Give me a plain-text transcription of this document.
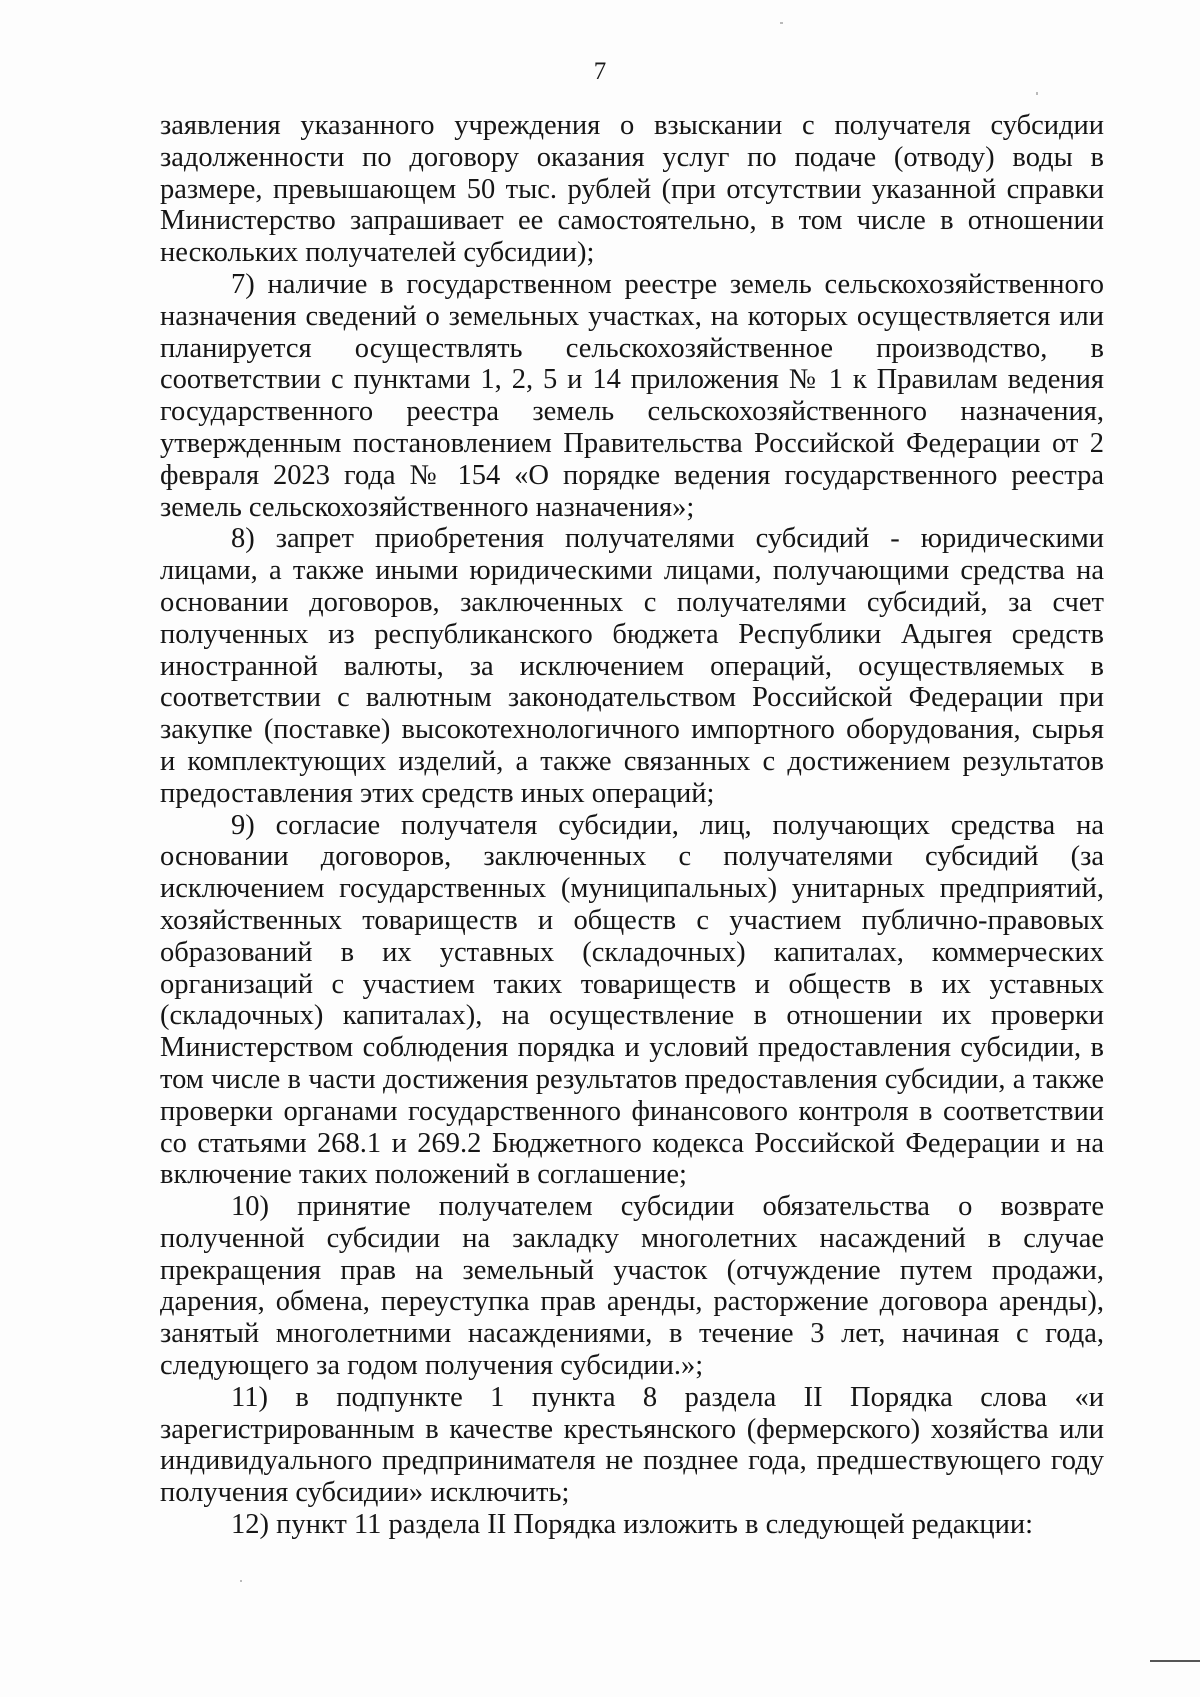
7

заявления указанного учреждения о взыскании с получателя субсидии задолженности по договору оказания услуг по подаче (отводу) воды в размере, превышающем 50 тыс. рублей (при отсутствии указанной справки Министерство запрашивает ее самостоятельно, в том числе в отношении нескольких получателей субсидии);

7) наличие в государственном реестре земель сельскохозяйственного назначения сведений о земельных участках, на которых осуществляется или планируется осуществлять сельскохозяйственное производство, в соответствии с пунктами 1, 2, 5 и 14 приложения № 1 к Правилам ведения государственного реестра земель сельскохозяйственного назначения, утвержденным постановлением Правительства Российской Федерации от 2 февраля 2023 года № 154 «О порядке ведения государственного реестра земель сельскохозяйственного назначения»;

8) запрет приобретения получателями субсидий - юридическими лицами, а также иными юридическими лицами, получающими средства на основании договоров, заключенных с получателями субсидий, за счет полученных из республиканского бюджета Республики Адыгея средств иностранной валюты, за исключением операций, осуществляемых в соответствии с валютным законодательством Российской Федерации при закупке (поставке) высокотехнологичного импортного оборудования, сырья и комплектующих изделий, а также связанных с достижением результатов предоставления этих средств иных операций;

9) согласие получателя субсидии, лиц, получающих средства на основании договоров, заключенных с получателями субсидий (за исключением государственных (муниципальных) унитарных предприятий, хозяйственных товариществ и обществ с участием публично-правовых образований в их уставных (складочных) капиталах, коммерческих организаций с участием таких товариществ и обществ в их уставных (складочных) капиталах), на осуществление в отношении их проверки Министерством соблюдения порядка и условий предоставления субсидии, в том числе в части достижения результатов предоставления субсидии, а также проверки органами государственного финансового контроля в соответствии со статьями 268.1 и 269.2 Бюджетного кодекса Российской Федерации и на включение таких положений в соглашение;

10) принятие получателем субсидии обязательства о возврате полученной субсидии на закладку многолетних насаждений в случае прекращения прав на земельный участок (отчуждение путем продажи, дарения, обмена, переуступка прав аренды, расторжение договора аренды), занятый многолетними насаждениями, в течение 3 лет, начиная с года, следующего за годом получения субсидии.»;

11) в подпункте 1 пункта 8 раздела II Порядка слова «и зарегистрированным в качестве крестьянского (фермерского) хозяйства или индивидуального предпринимателя не позднее года, предшествующего году получения субсидии» исключить;

12) пункт 11 раздела II Порядка изложить в следующей редакции:
